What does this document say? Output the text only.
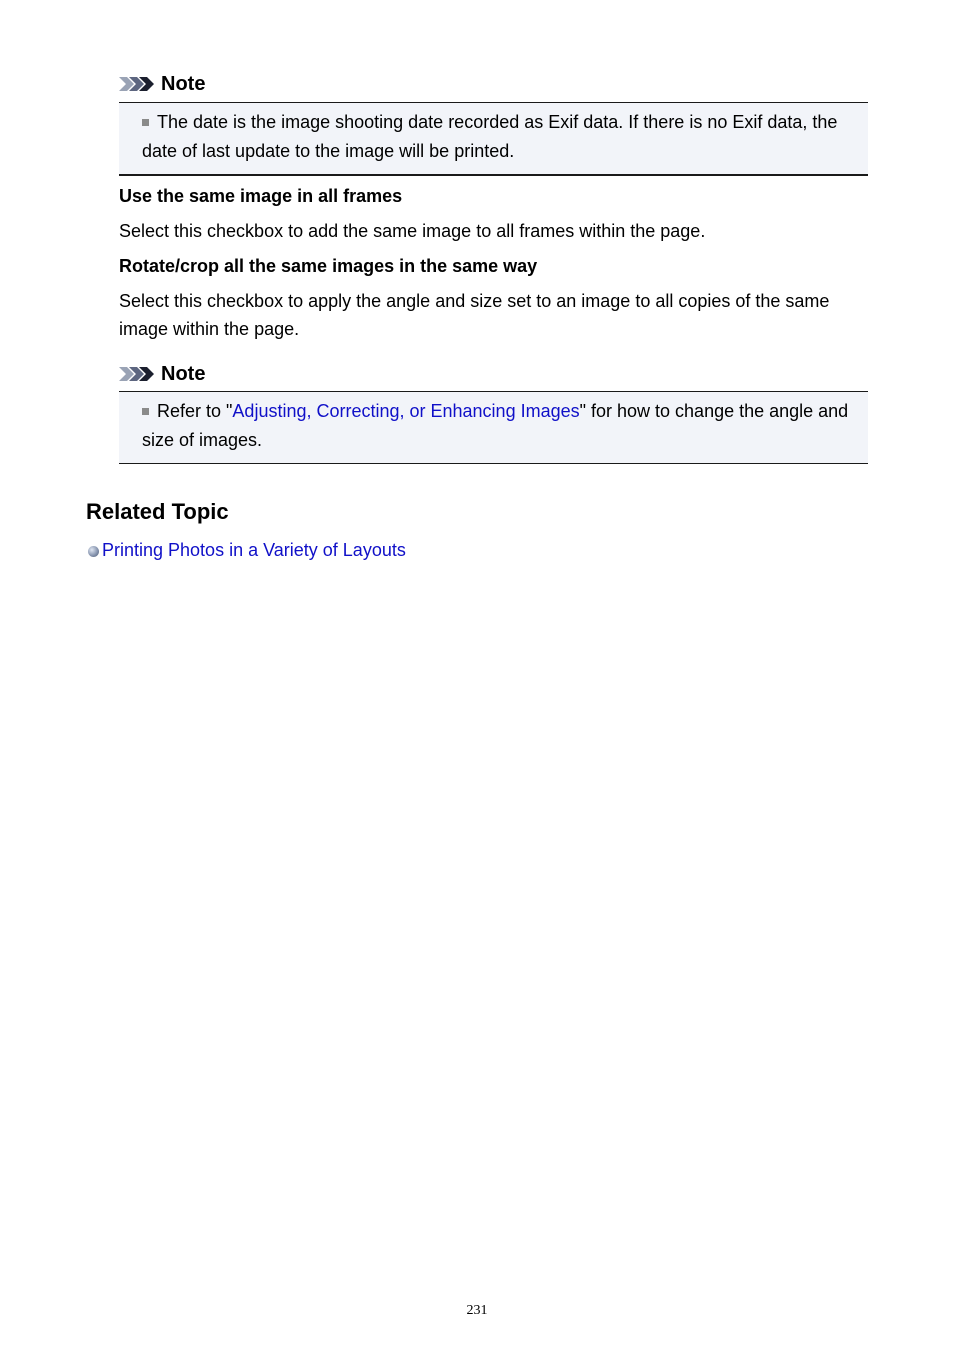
Note
The date is the image shooting date recorded as Exif data. If there is no Exif data, the date of last update to the image will be printed.
Use the same image in all frames
Select this checkbox to add the same image to all frames within the page.
Rotate/crop all the same images in the same way
Select this checkbox to apply the angle and size set to an image to all copies of the same image within the page.
Note
Refer to "Adjusting, Correcting, or Enhancing Images" for how to change the angle and size of images.
Related Topic
Printing Photos in a Variety of Layouts
231
